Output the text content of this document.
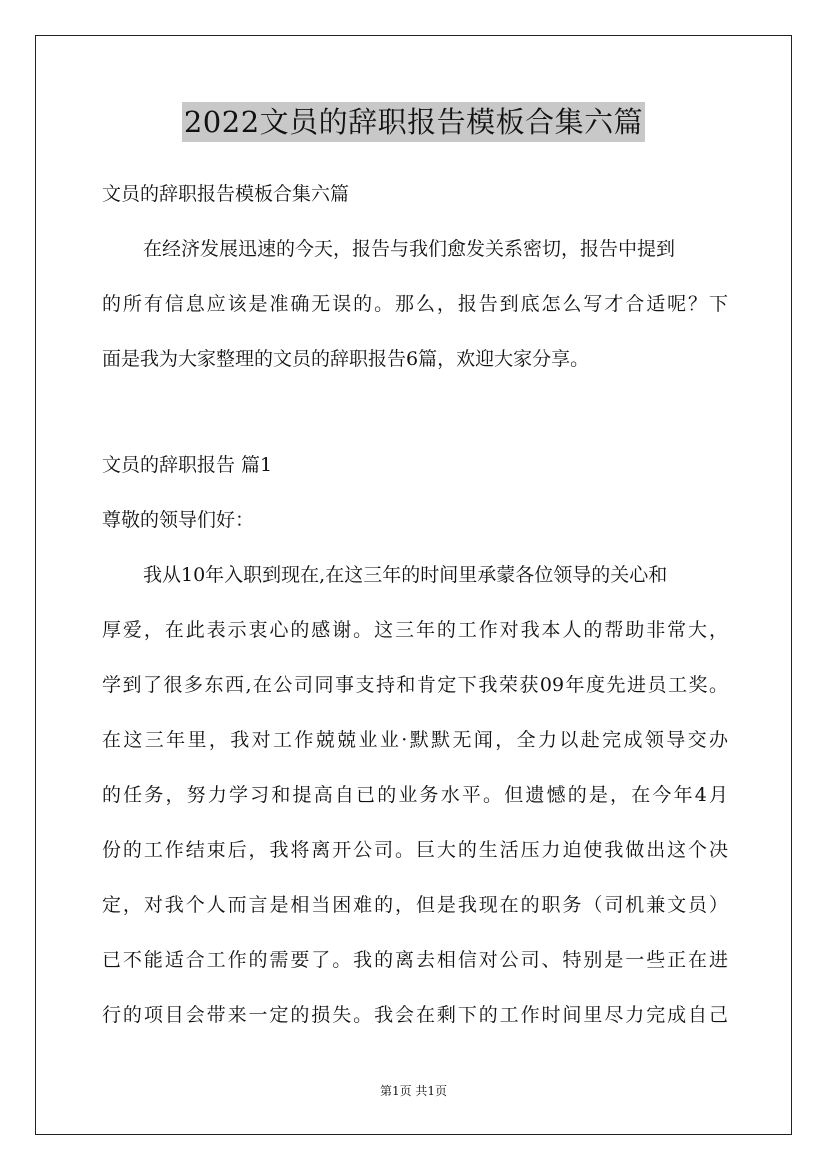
2022文员的辞职报告模板合集六篇
文员的辞职报告模板合集六篇
在经济发展迅速的今天，报告与我们愈发关系密切，报告中提到
的所有信息应该是准确无误的。那么，报告到底怎么写才合适呢？下
面是我为大家整理的文员的辞职报告6篇，欢迎大家分享。
文员的辞职报告 篇1
尊敬的领导们好：
我从10年入职到现在,在这三年的时间里承蒙各位领导的关心和
厚爱，在此表示衷心的感谢。这三年的工作对我本人的帮助非常大，
学到了很多东西,在公司同事支持和肯定下我荣获09年度先进员工奖。
在这三年里，我对工作兢兢业业·默默无闻，全力以赴完成领导交办
的任务，努力学习和提高自已的业务水平。但遗憾的是，在今年4月
份的工作结束后，我将离开公司。巨大的生活压力迫使我做出这个决
定，对我个人而言是相当困难的，但是我现在的职务（司机兼文员）
已不能适合工作的需要了。我的离去相信对公司、特别是一些正在进
行的项目会带来一定的损失。我会在剩下的工作时间里尽力完成自己
第1页 共1页
